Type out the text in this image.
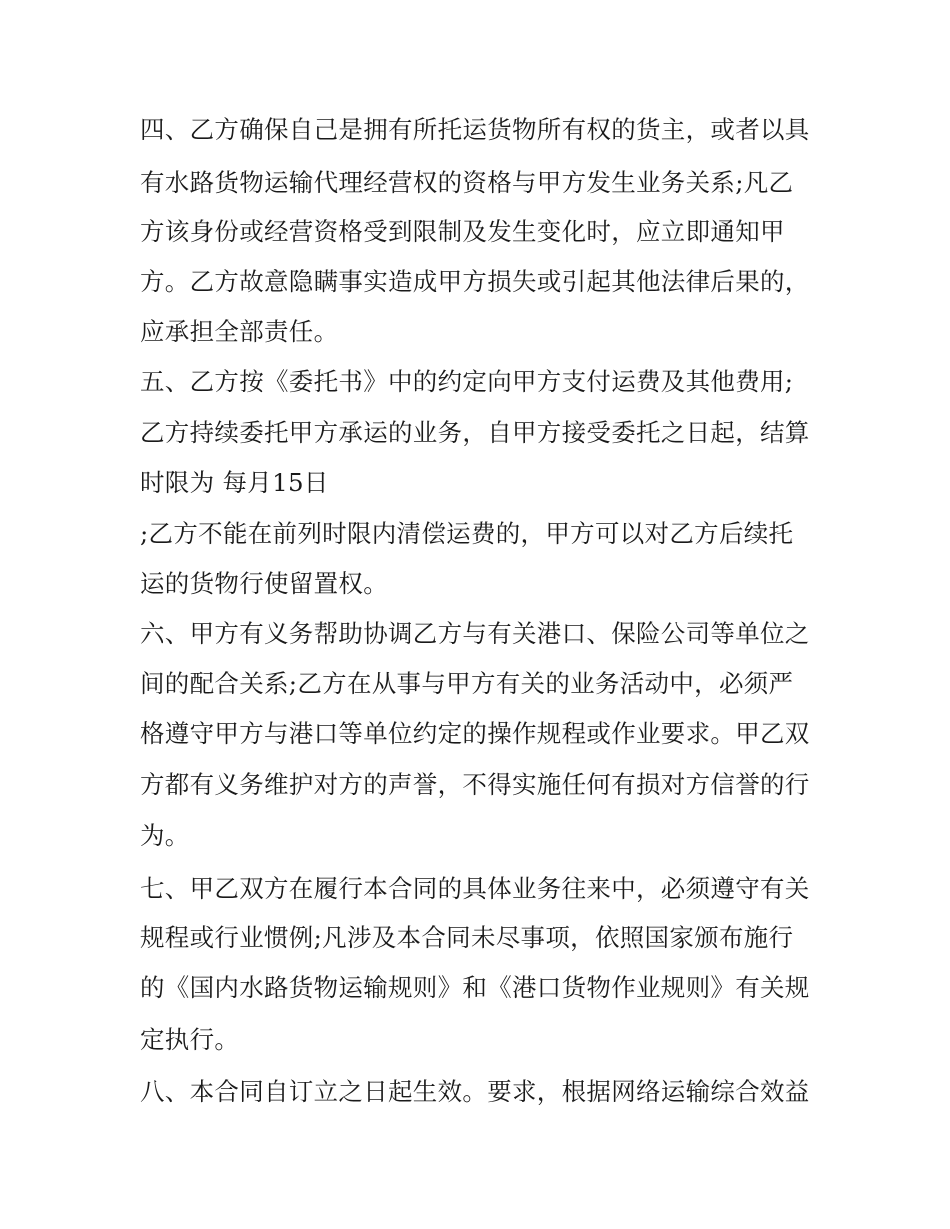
四、乙方确保自己是拥有所托运货物所有权的货主，或者以具
有水路货物运输代理经营权的资格与甲方发生业务关系;凡乙
方该身份或经营资格受到限制及发生变化时，应立即通知甲
方。乙方故意隐瞒事实造成甲方损失或引起其他法律后果的，
应承担全部责任。
五、乙方按《委托书》中的约定向甲方支付运费及其他费用;
乙方持续委托甲方承运的业务，自甲方接受委托之日起，结算
时限为 每月15日
;乙方不能在前列时限内清偿运费的，甲方可以对乙方后续托
运的货物行使留置权。
六、甲方有义务帮助协调乙方与有关港口、保险公司等单位之
间的配合关系;乙方在从事与甲方有关的业务活动中，必须严
格遵守甲方与港口等单位约定的操作规程或作业要求。甲乙双
方都有义务维护对方的声誉，不得实施任何有损对方信誉的行
为。
七、甲乙双方在履行本合同的具体业务往来中，必须遵守有关
规程或行业惯例;凡涉及本合同未尽事项，依照国家颁布施行
的《国内水路货物运输规则》和《港口货物作业规则》有关规
定执行。
八、本合同自订立之日起生效。要求，根据网络运输综合效益
